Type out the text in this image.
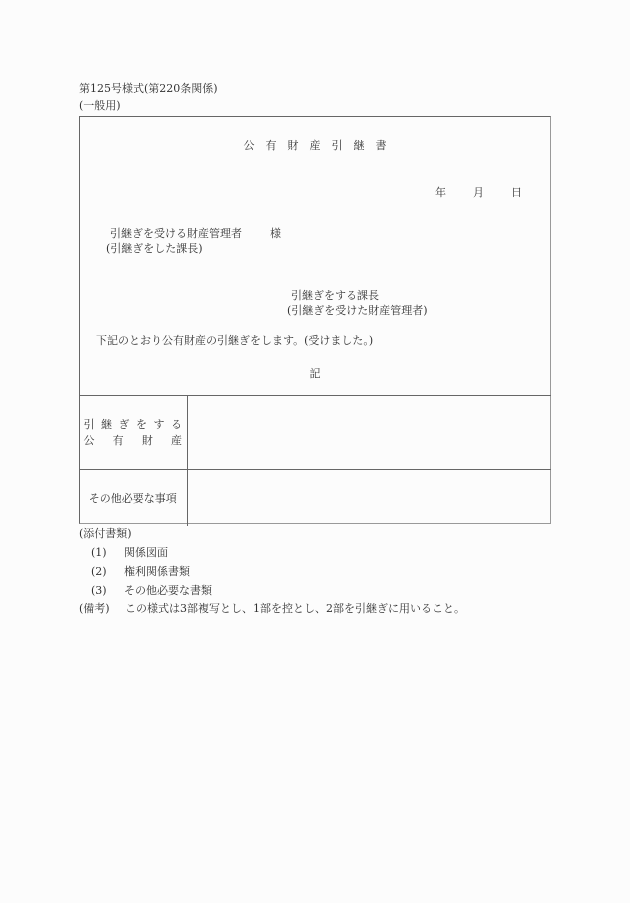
第125号様式(第220条関係)
(一般用)
公有財産引継書
年	月	日
引継ぎを受ける財産管理者	様
(引継ぎをした課長)
引継ぎをする課長
(引継ぎを受けた財産管理者)
下記のとおり公有財産の引継ぎをします。(受けました。)
記
引 継 ぎ を す る
公 有 財 産

その他必要な事項	
(添付書類)
(1) 関係図面
(2) 権利関係書類
(3) その他必要な書類
(備考) この様式は3部複写とし、1部を控とし、2部を引継ぎに用いること。
